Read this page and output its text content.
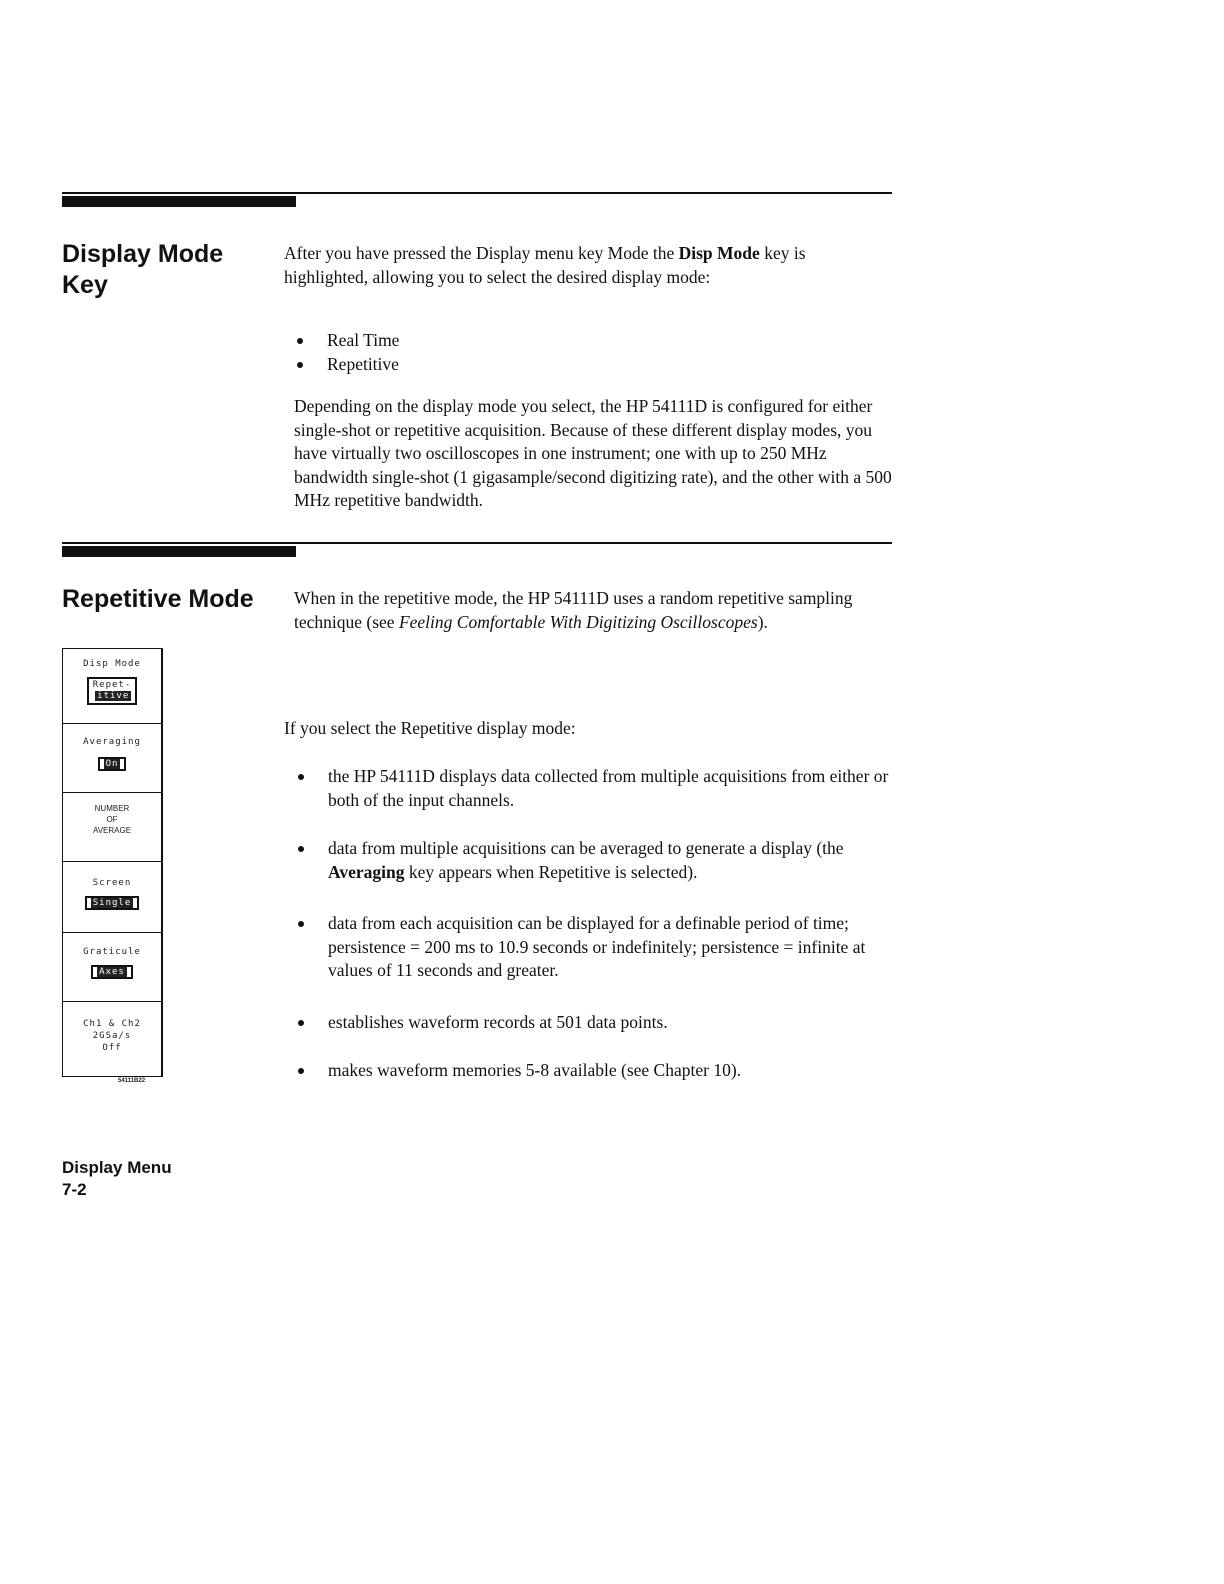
Display Mode
Key
After you have pressed the Display menu key Mode the Disp Mode key is highlighted, allowing you to select the desired display mode:
Real Time
Repetitive
Depending on the display mode you select, the HP 54111D is configured for either single-shot or repetitive acquisition. Because of these different display modes, you have virtually two oscilloscopes in one instrument; one with up to 250 MHz bandwidth single-shot (1 gigasample/second digitizing rate), and the other with a 500 MHz repetitive bandwidth.
Repetitive Mode When in the repetitive mode, the HP 54111D uses a random repetitive sampling technique (see Feeling Comfortable With Digitizing Oscilloscopes).
If you select the Repetitive display mode:
the HP 54111D displays data collected from multiple acquisitions from either or both of the input channels.
data from multiple acquisitions can be averaged to generate a display (the Averaging key appears when Repetitive is selected).
data from each acquisition can be displayed for a definable period of time; persistence = 200 ms to 10.9 seconds or indefinitely; persistence = infinite at values of 11 seconds and greater.
establishes waveform records at 501 data points.
makes waveform memories 5-8 available (see Chapter 10).
Disp Mode
Repet-
itive
Averaging
On
NUMBER
OF
AVERAGE
Screen
Single
Graticule
Axes
Ch1 & Ch2
2GSa/s
Off
54111B22
Display Menu
7-2
